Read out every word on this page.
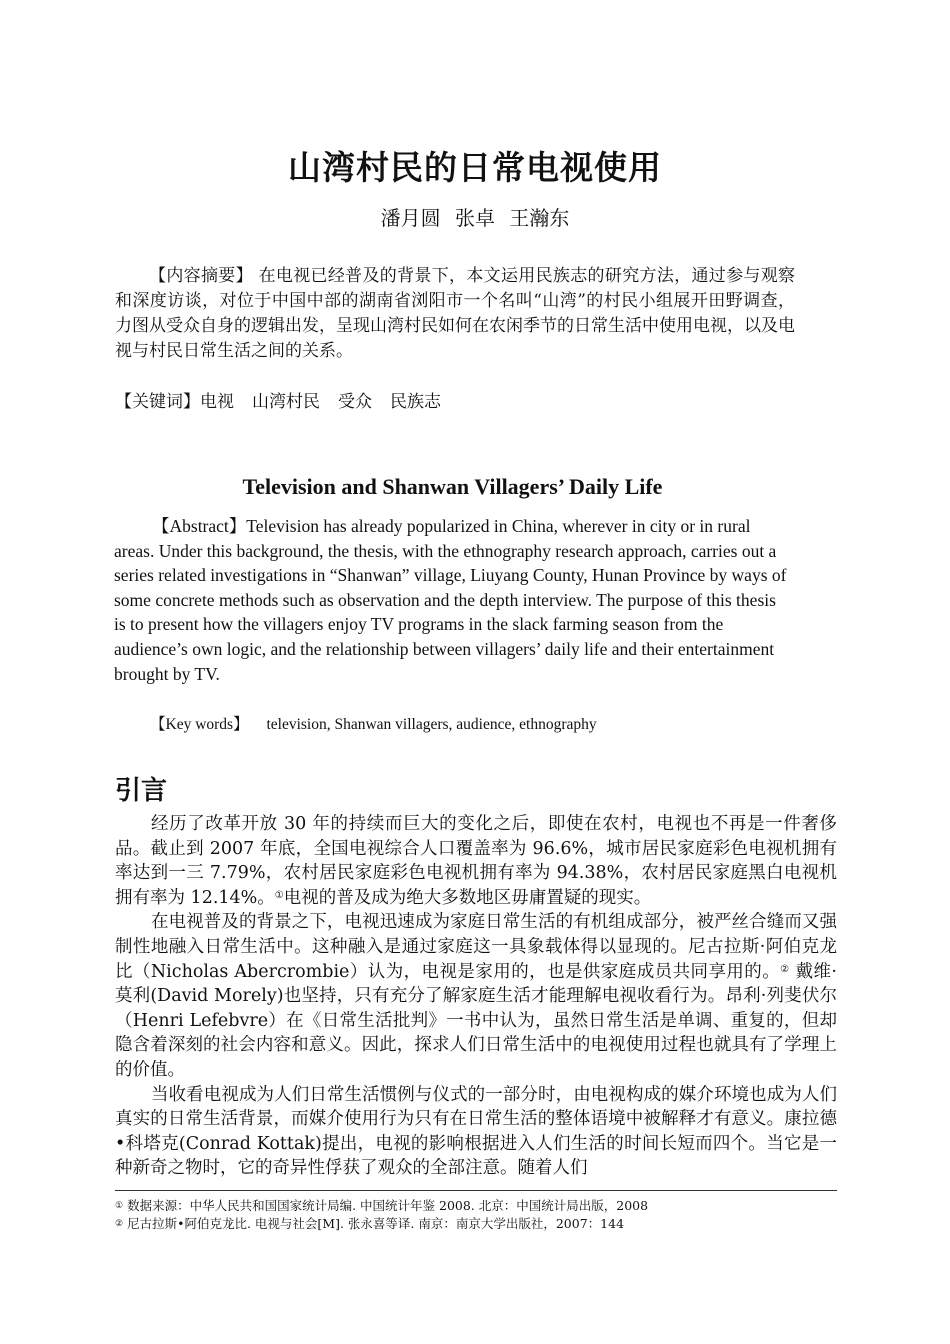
山湾村民的日常电视使用
潘月圆 张卓 王瀚东
【内容摘要】 在电视已经普及的背景下，本文运用民族志的研究方法，通过参与观察和深度访谈，对位于中国中部的湖南省浏阳市一个名叫“山湾”的村民小组展开田野调查，力图从受众自身的逻辑出发，呈现山湾村民如何在农闲季节的日常生活中使用电视，以及电视与村民日常生活之间的关系。
【关键词】电视 山湾村民 受众 民族志
Television and Shanwan Villagers’ Daily Life
【Abstract】Television has already popularized in China, wherever in city or in rural areas. Under this background, the thesis, with the ethnography research approach, carries out a series related investigations in “Shanwan” village, Liuyang County, Hunan Province by ways of some concrete methods such as observation and the depth interview. The purpose of this thesis is to present how the villagers enjoy TV programs in the slack farming season from the audience’s own logic, and the relationship between villagers’ daily life and their entertainment brought by TV.
【Key words】 television, Shanwan villagers, audience, ethnography
引言

经历了改革开放 30 年的持续而巨大的变化之后，即使在农村，电视也不再是一件奢侈品。截止到 2007 年底，全国电视综合人口覆盖率为 96.6%，城市居民家庭彩色电视机拥有率达到一三 7.79%，农村居民家庭彩色电视机拥有率为 94.38%，农村居民家庭黑白电视机拥有率为 12.14%。①电视的普及成为绝大多数地区毋庸置疑的现实。

在电视普及的背景之下，电视迅速成为家庭日常生活的有机组成部分，被严丝合缝而又强制性地融入日常生活中。这种融入是通过家庭这一具象载体得以显现的。尼古拉斯·阿伯克龙比（Nicholas Abercrombie）认为，电视是家用的，也是供家庭成员共同享用的。② 戴维·莫利(David Morely)也坚持，只有充分了解家庭生活才能理解电视收看行为。昂利·列斐伏尔（Henri Lefebvre）在《日常生活批判》一书中认为，虽然日常生活是单调、重复的，但却隐含着深刻的社会内容和意义。因此，探求人们日常生活中的电视使用过程也就具有了学理上的价值。

当收看电视成为人们日常生活惯例与仪式的一部分时，由电视构成的媒介环境也成为人们真实的日常生活背景，而媒介使用行为只有在日常生活的整体语境中被解释才有意义。康拉德•科塔克(Conrad Kottak)提出，电视的影响根据进入人们生活的时间长短而四个。当它是一种新奇之物时，它的奇异性俘获了观众的全部注意。随着人们

① 数据来源：中华人民共和国国家统计局编. 中国统计年鉴 2008. 北京：中国统计局出版，2008
② 尼古拉斯•阿伯克龙比. 电视与社会[M]. 张永喜等译. 南京：南京大学出版社，2007：144
